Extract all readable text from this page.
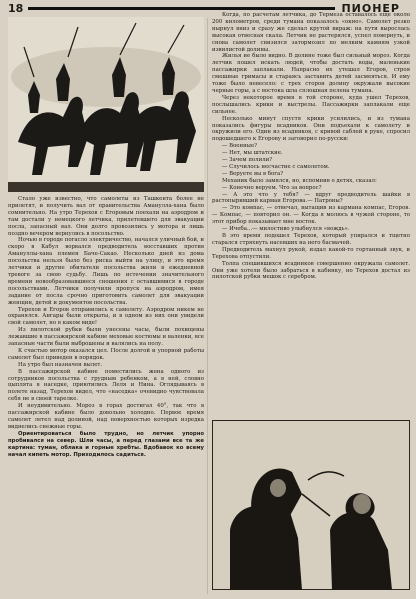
18	ПИОНЕР

Стало уже известно, что самолеты из Ташкента более не прилетят, и получить вал от правительства Аманулла-хана было сомнительно. На утро Терехов с Егоровым поехали на аэродром и там достали у немецкого летчика, прилетевшего для эвакуации посла, запасный вал. Они долго провозились у мотора и лишь поздно вечером вернулись в посольство.

Ночью в городе погасло электричество, начался уличный бой, и скоро в Кабул ворвался предводитель восставших против Амануллы-хана племен Баче-Сакао. Несколько дней из дома посольства нельзя было без риска выйти на улицу, и это время летчики и другие обитатели посольства жили в ежедневной тревоге за свою судьбу. Лишь по истечении значительного времени новообразовавшиеся сношения с оставшимися в городе посольствами. Летчики получили пропуск на аэродром, имея задание от посла срочно приготовить самолет для эвакуации женщин, детей и документов посольства.

Терехов и Егоров отправились к самолету. Аэродром никем не охранялся. Ангары были открыты, и в одном из них они увидели свой самолет, но в каком виде!

Из пилотской рубки были унесены часы, были похищены лежавшие в пассажирской кабине меховые костюмы и валенки, все запасные части были выброшены и валялись на полу.

К счастью мотор оказался цел. После долгой и упорной работы самолет был приведен в порядок.

На утро был назначен вылет.

В пассажирской кабине поместились жена одного из сотрудников посольства с грудным ребенком, а в ней, словно цыплята в наседке, приютились Леля и Нина. Оглядываясь в полете назад, Терехов видел, что «наседка» очевидно чувствовала себя не в своей тарелке.

И неудивительно. Мороз в горах достигал 40°, так что в пассажирской кабине было довольно холодно. Первое время самолет летел над долиной, над поверхностью которых изредка виднелись снежные горы.

Ориентироваться было трудно, но летчик упорно пробивался на север. Шли часы, а перед глазами все та же картина: туман, облака и горные хребты. Вдобавок ко всему начал кипеть мотор. Приходилось садиться.

Когда, по расчетам летчика, до Термеза оставалось еще около 200 километров, среди тумана показалось «окно». Самолет резко нырнул вниз и сразу же сделал крутой вираж: на пути вырослась высокая отвесная скала. Летчик не растерялся, успел повернуть, и снова самолет снизился затормозил по мелким камням узкой извилистой долины.

Жилья не было видно. В долине тоже был сильный мороз. Когда летчик пошел искать людей, чтобы достать воды, маленькие пассажирки заплакали. Напрасно их утешал Егоров, строя смешные гримасы и стараясь заставить детей засмеяться. И ему тоже было невесело: с трех сторон долину окружали высокие черные горы, а с востока шла сплошная пелена тумана.

Через некоторое время в той стороне, куда ушел Терехов, послышались крики и выстрелы. Пассажирки заплакали еще сильнее.

Несколько минут спустя крики усилились, и из тумана показались фигуры всадников. Они подъехали к самолету и окружили его. Один из всадников, с кривой саблей в руке, спросил подошедшего к Егорову и заговорил по-русски:

— Военные?

— Нет, мы штатские.

— Зачем полили?

— Случилось несчастие с самолетом.

— Веруете вы в бога?

Механик было замялся, но, вспомнив о детях, сказал:

— Конечно веруем. Что за вопрос?

— А это что у тебя? — вдруг предводитель шайки в растопыривший карман Егорова.— Патроны?

— Это компас, — отвечал, вытащив из кармана компас, Егоров. — Компас, — повторил он. — Когда я молюсь в чужой стороне, то этот прибор показывает мне восток.

— Ичеба...— милостиво улыбнулся «вождь».

В это время подошел Терехов, который упирался и тщетно старался стряхнуть насевших на него басмачей.

Предводитель махнул рукой, издал какой-то гортанный звук, и Терехова отпустили.

Толпа спешившихся всадников совершенно окружала самолет. Они уже хотели было забраться в кабинку, но Терехов достал из пилотской рубки мешок с серебром.
